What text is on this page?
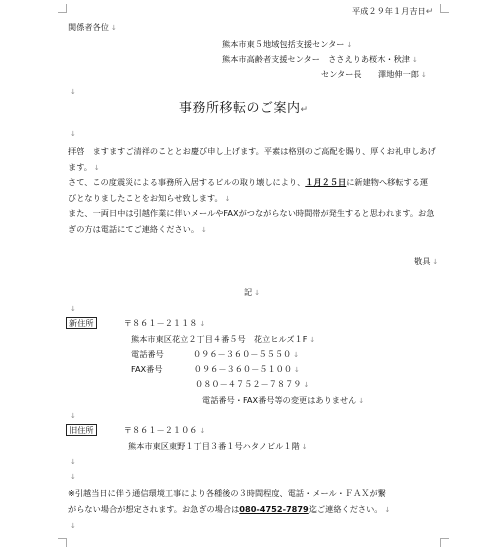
平成２９年１月吉日↵
関係者各位 ↓
熊本市東５地域包括支援センター ↓
熊本市高齢者支援センター　ささえりあ桜木・秋津 ↓
センター長　　 澤地伸一郎 ↓
↓
事務所移転のご案内↵
↓
拝啓　ますますご清祥のこととお慶び申し上げます。平素は格別のご高配を賜り、厚くお礼申しあげます。 ↓
さて、この度震災による事務所入居するビルの取り壊しにより、１月２５日に新建物へ移転する運びとなりましたことをお知らせ致します。 ↓
また、一両日中は引越作業に伴いメールやFAXがつながらない時間帯が発生すると思われます。お急ぎの方は電話にてご連絡ください。 ↓
敬具 ↓
記 ↓
↓
新住所	〒８６１－２１１８ ↓
熊本市東区花立２丁目４番５号　花立ヒルズ１F ↓
電話番号	０９６－３６０－５５５０ ↓
FAX番号	０９６－３６０－５１００ ↓
０８０－４７５２－７８７９ ↓
電話番号・FAX番号等の変更はありません ↓
↓
旧住所	〒８６１－２１０６ ↓
熊本市東区東野１丁目３番１号ハタノビル１階 ↓
↓
↓
※引越当日に伴う通信環境工事により各種後の３時間程度、電話・メール・ＦＡＸが繋
がらない場合が想定されます。お急ぎの場合は080-4752-7879迄ご連絡ください。 ↓
↓
